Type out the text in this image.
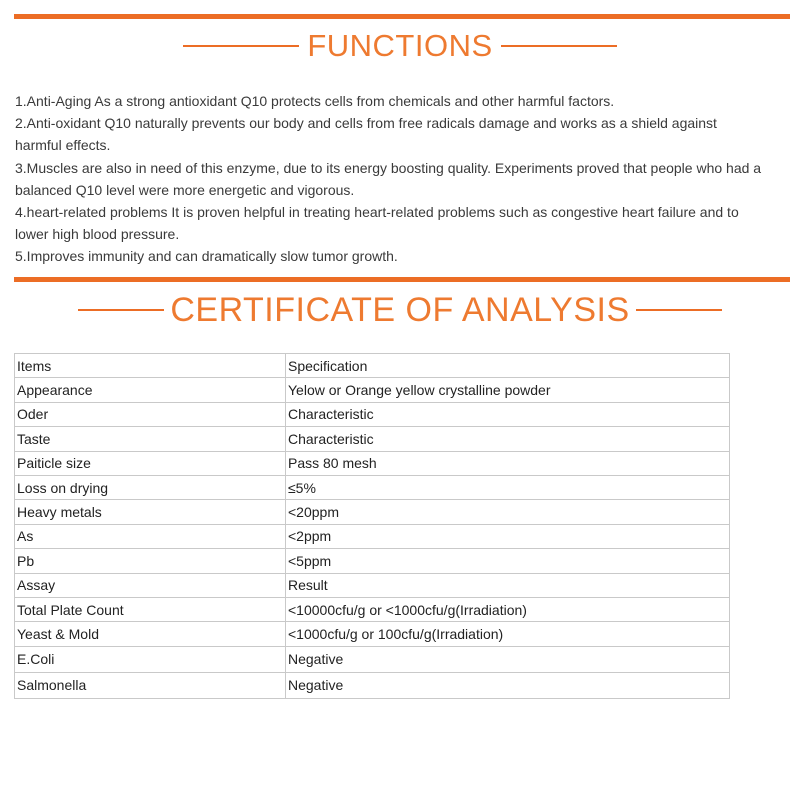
FUNCTIONS
1.Anti-Aging As a strong antioxidant Q10 protects cells from chemicals and other harmful factors.
2.Anti-oxidant Q10 naturally prevents our body and cells from free radicals damage and works as a shield against
harmful effects.
3.Muscles are also in need of this enzyme, due to its energy boosting quality. Experiments proved that people who had a
balanced Q10 level were more energetic and vigorous.
4.heart-related problems It is proven helpful in treating heart-related problems such as congestive heart failure and to
lower high blood pressure.
5.Improves immunity and can dramatically slow tumor growth.
CERTIFICATE OF ANALYSIS
Items	Specification
Appearance	Yelow or Orange yellow crystalline powder
Oder	Characteristic
Taste	Characteristic
Paiticle size	Pass 80 mesh
Loss on drying	≤5%
Heavy metals	<20ppm
As	<2ppm
Pb	<5ppm
Assay	Result
Total Plate Count	<10000cfu/g or <1000cfu/g(Irradiation)
Yeast & Mold	<1000cfu/g or 100cfu/g(Irradiation)
E.Coli	Negative
Salmonella	Negative
